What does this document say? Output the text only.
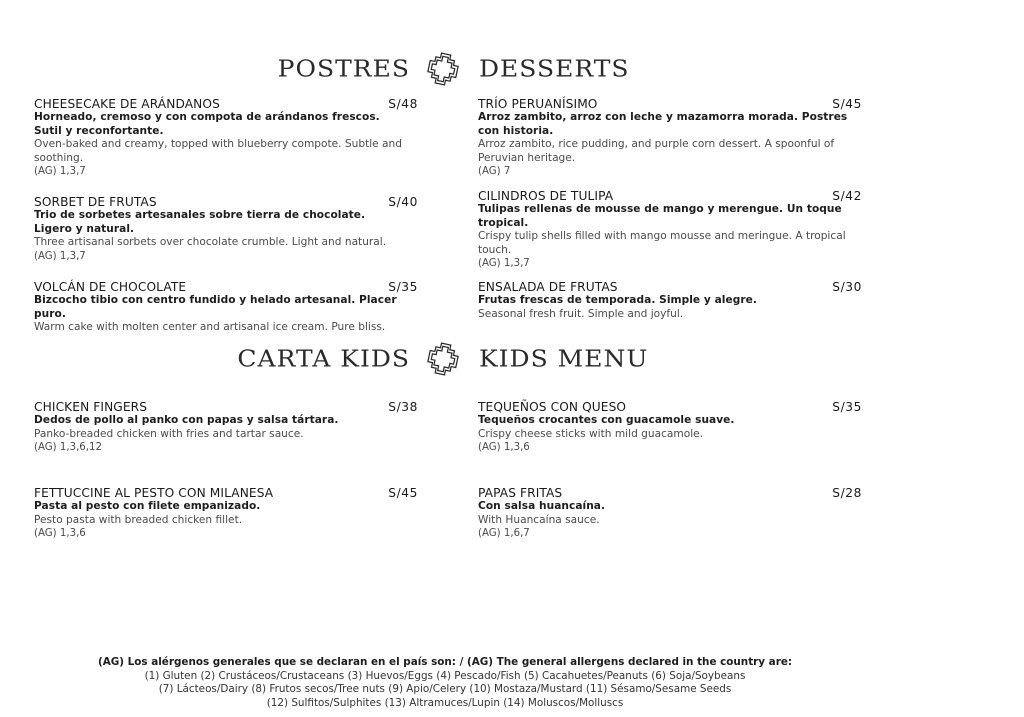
POSTRES	DESSERTS
CHEESECAKE DE ARÁNDANOS	S/48
Horneado, cremoso y con compota de arándanos frescos. Sutil y reconfortante.
Oven-baked and creamy, topped with blueberry compote. Subtle and soothing.
(AG) 1,3,7
SORBET DE FRUTAS	S/40
Trio de sorbetes artesanales sobre tierra de chocolate. Ligero y natural.
Three artisanal sorbets over chocolate crumble. Light and natural.
(AG) 1,3,7
VOLCÁN DE CHOCOLATE	S/35
Bizcocho tibio con centro fundido y helado artesanal. Placer puro.
Warm cake with molten center and artisanal ice cream. Pure bliss.
TRÍO PERUANÍSIMO	S/45
Arroz zambito, arroz con leche y mazamorra morada. Postres con historia.
Arroz zambito, rice pudding, and purple corn dessert. A spoonful of Peruvian heritage.
(AG) 7
CILINDROS DE TULIPA	S/42
Tulipas rellenas de mousse de mango y merengue. Un toque tropical.
Crispy tulip shells filled with mango mousse and meringue. A tropical touch.
(AG) 1,3,7
ENSALADA DE FRUTAS	S/30
Frutas frescas de temporada. Simple y alegre.
Seasonal fresh fruit. Simple and joyful.
CARTA KIDS	KIDS MENU
CHICKEN FINGERS	S/38
Dedos de pollo al panko con papas y salsa tártara.
Panko-breaded chicken with fries and tartar sauce.
(AG) 1,3,6,12
FETTUCCINE AL PESTO CON MILANESA	S/45
Pasta al pesto con filete empanizado.
Pesto pasta with breaded chicken fillet.
(AG) 1,3,6
TEQUEÑOS CON QUESO	S/35
Tequeños crocantes con guacamole suave.
Crispy cheese sticks with mild guacamole.
(AG) 1,3,6
PAPAS FRITAS	S/28
Con salsa huancaína.
With Huancaína sauce.
(AG) 1,6,7
(AG) Los alérgenos generales que se declaran en el país son: / (AG) The general allergens declared in the country are:
(1) Gluten (2) Crustáceos/Crustaceans (3) Huevos/Eggs (4) Pescado/Fish (5) Cacahuetes/Peanuts (6) Soja/Soybeans
(7) Lácteos/Dairy (8) Frutos secos/Tree nuts (9) Apio/Celery (10) Mostaza/Mustard (11) Sésamo/Sesame Seeds
(12) Sulfitos/Sulphites (13) Altramuces/Lupin (14) Moluscos/Molluscs
